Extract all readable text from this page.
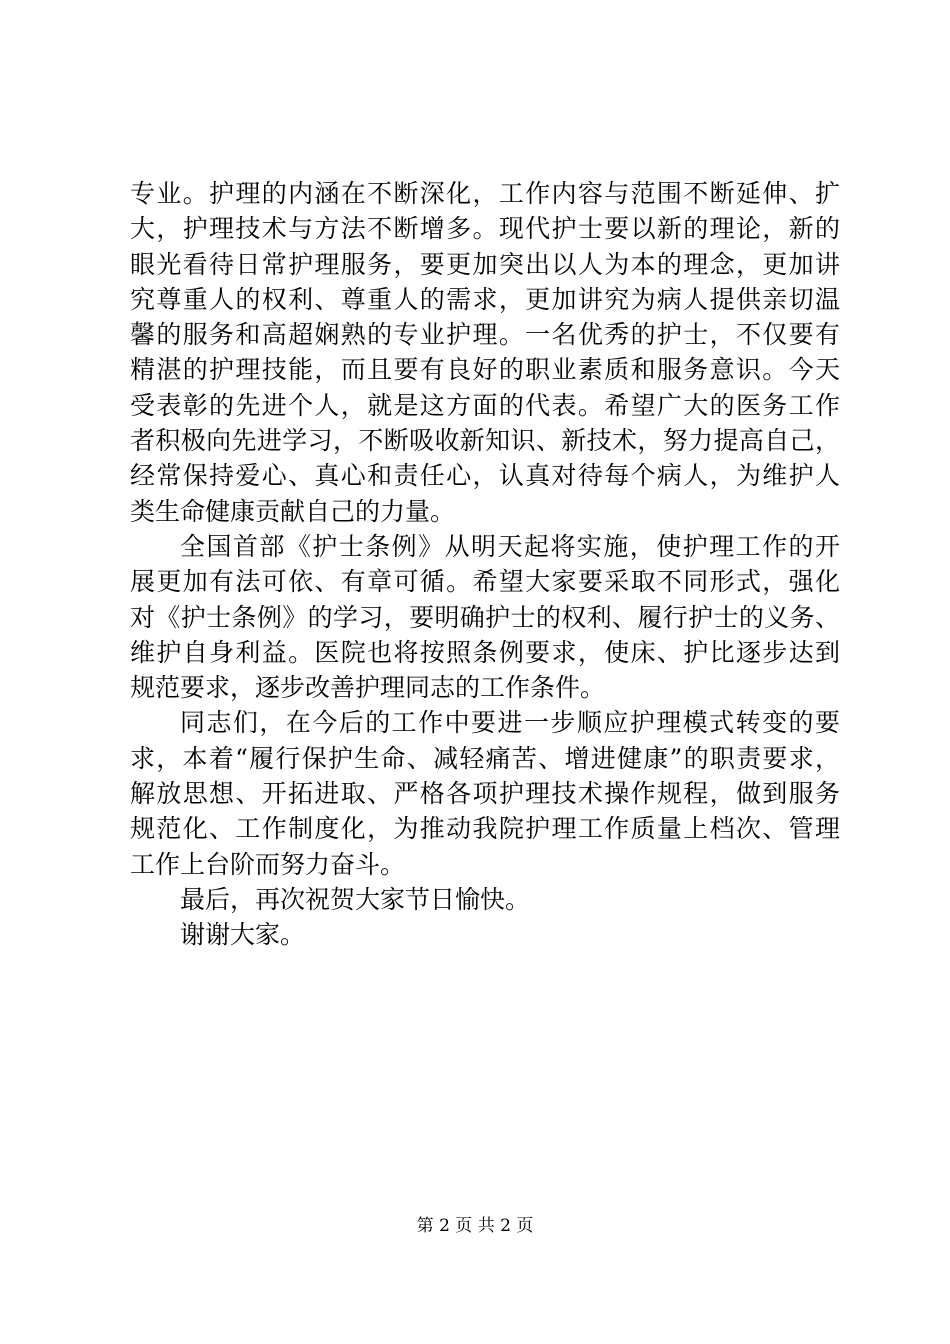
专业。护理的内涵在不断深化，工作内容与范围不断延伸、扩
大，护理技术与方法不断增多。现代护士要以新的理论，新的
眼光看待日常护理服务，要更加突出以人为本的理念，更加讲
究尊重人的权利、尊重人的需求，更加讲究为病人提供亲切温
馨的服务和高超娴熟的专业护理。一名优秀的护士，不仅要有
精湛的护理技能，而且要有良好的职业素质和服务意识。今天
受表彰的先进个人，就是这方面的代表。希望广大的医务工作
者积极向先进学习，不断吸收新知识、新技术，努力提高自己，
经常保持爱心、真心和责任心，认真对待每个病人，为维护人
类生命健康贡献自己的力量。

全国首部《护士条例》从明天起将实施，使护理工作的开
展更加有法可依、有章可循。希望大家要采取不同形式，强化
对《护士条例》的学习，要明确护士的权利、履行护士的义务、
维护自身利益。医院也将按照条例要求，使床、护比逐步达到
规范要求，逐步改善护理同志的工作条件。

同志们，在今后的工作中要进一步顺应护理模式转变的要
求，本着“履行保护生命、减轻痛苦、增进健康”的职责要求，
解放思想、开拓进取、严格各项护理技术操作规程，做到服务
规范化、工作制度化，为推动我院护理工作质量上档次、管理
工作上台阶而努力奋斗。

最后，再次祝贺大家节日愉快。

谢谢大家。

第 2 页 共 2 页
